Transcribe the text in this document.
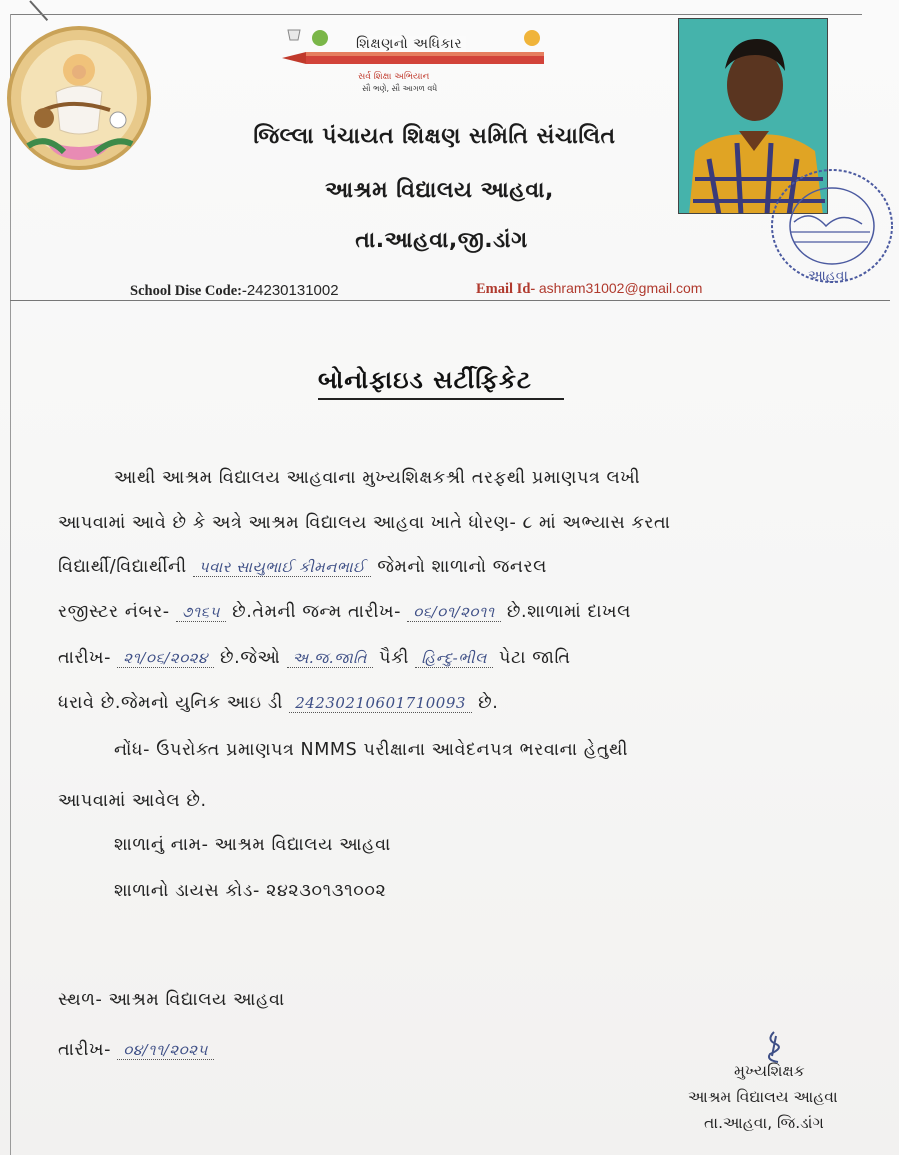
શિક્ષણનો અધિકાર
સર્વ શિક્ષા અભિયાન
સૌ ભણે, સૌ આગળ વધે
જિલ્લા પંચાયત શિક્ષણ સમિતિ સંચાલિત
આશ્રમ વિદ્યાલય આહવા,
તા.આહવા,જી.ડાંગ
આહવા
School Dise Code:-24230131002	Email Id- ashram31002@gmail.com
બોનોફાઇડ સર્ટીફિકેટ
આથી આશ્રમ વિદ્યાલય આહવાના મુખ્યશિક્ષકશ્રી તરફથી પ્રમાણપત્ર લખી
આપવામાં આવે છે કે અત્રે આશ્રમ વિદ્યાલય આહવા ખાતે ધોરણ- ૮ માં અભ્યાસ કરતા
વિદ્યાર્થી/વિદ્યાર્થીની પવાર સાયુભાઈ કીમનભાઈ જેમનો શાળાનો જનરલ
રજીસ્ટર નંબર- ૭૧૬૫ છે.તેમની જન્મ તારીખ- ૦૬/૦૧/૨૦૧૧ છે.શાળામાં દાખલ
તારીખ- ૨૧/૦૬/૨૦૨૪ છે.જેઓ અ.જ.જાતિ પૈકી હિન્દુ-ભીલ પેટા જાતિ
ધરાવે છે.જેમનો યુનિક આઇ ડી 24230210601710093 છે.
નોંધ- ઉપરોક્ત પ્રમાણપત્ર NMMS પરીક્ષાના આવેદનપત્ર ભરવાના હેતુથી
આપવામાં આવેલ છે.
શાળાનું નામ- આશ્રમ વિદ્યાલય આહવા
શાળાનો ડાયસ કોડ- ૨૪૨૩૦૧૩૧૦૦૨
સ્થળ- આશ્રમ વિદ્યાલય આહવા
તારીખ- ૦૪/૧૧/૨૦૨૫
મુખ્યશિક્ષક
આશ્રમ વિદ્યાલય આહવા
તા.આહવા, જિ.ડાંગ
